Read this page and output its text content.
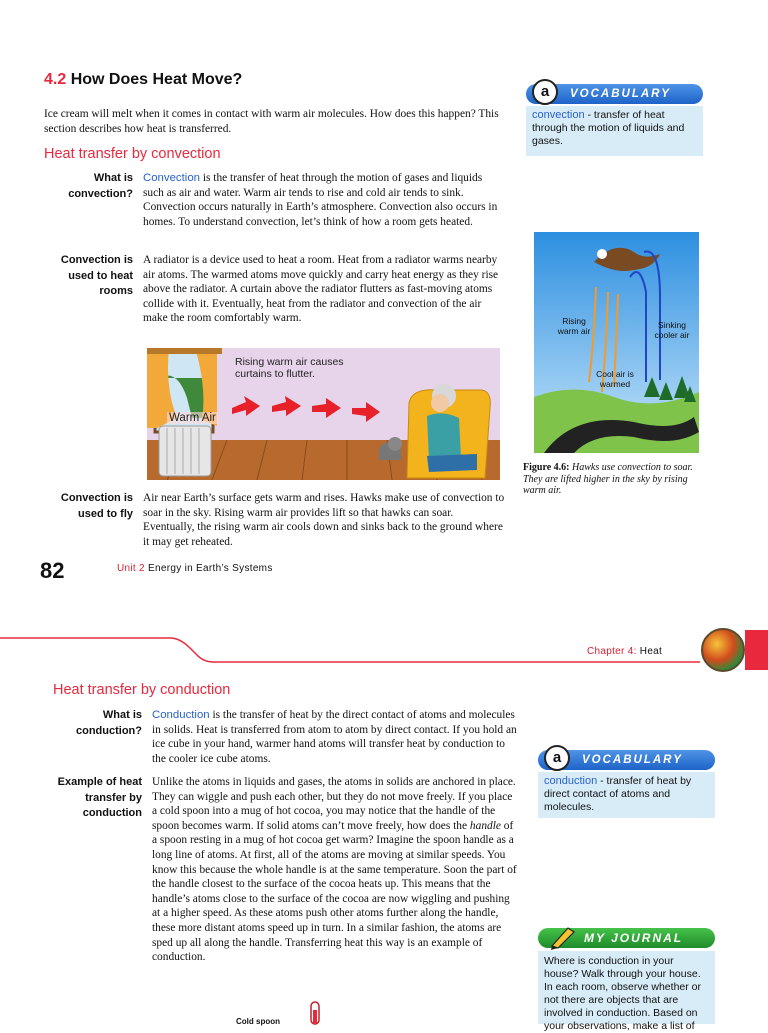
4.2 How Does Heat Move?
Ice cream will melt when it comes in contact with warm air molecules. How does this happen? This section describes how heat is transferred.
Heat transfer by convection
What is convection?
Convection is the transfer of heat through the motion of gases and liquids such as air and water. Warm air tends to rise and cold air tends to sink. Convection occurs naturally in Earth’s atmosphere. Convection also occurs in homes. To understand convection, let’s think of how a room gets heated.
Convection is used to heat rooms
A radiator is a device used to heat a room. Heat from a radiator warms nearby air atoms. The warmed atoms move quickly and carry heat energy as they rise above the radiator. A curtain above the radiator flutters as fast-moving atoms collide with it. Eventually, heat from the radiator and convection of the air make the room comfortably warm.
Rising warm air causes curtains to flutter.
Warm Air
Convection is used to fly
Air near Earth’s surface gets warm and rises. Hawks make use of convection to soar in the sky. Rising warm air provides lift so that hawks can soar. Eventually, the rising warm air cools down and sinks back to the ground where it may get reheated.
a	VOCABULARY
convection - transfer of heat through the motion of liquids and gases.
Rising warm air
Sinking cooler air
Cool air is warmed
Figure 4.6: Hawks use convection to soar. They are lifted higher in the sky by rising warm air.
82	Unit 2 Energy in Earth’s Systems
Chapter 4: Heat
Heat transfer by conduction
What is conduction?
Conduction is the transfer of heat by the direct contact of atoms and molecules in solids. Heat is transferred from atom to atom by direct contact. If you hold an ice cube in your hand, warmer hand atoms will transfer heat by conduction to the cooler ice cube atoms.
Example of heat transfer by conduction
Unlike the atoms in liquids and gases, the atoms in solids are anchored in place. They can wiggle and push each other, but they do not move freely. If you place a cold spoon into a mug of hot cocoa, you may notice that the handle of the spoon becomes warm. If solid atoms can’t move freely, how does the handle of a spoon resting in a mug of hot cocoa get warm? Imagine the spoon handle as a long line of atoms. At first, all of the atoms are moving at similar speeds. You know this because the whole handle is at the same temperature. Soon the part of the handle closest to the surface of the cocoa heats up. This means that the handle’s atoms close to the surface of the cocoa are now wiggling and pushing at a higher speed. As these atoms push other atoms further along the handle, these more distant atoms speed up in turn. In a similar fashion, the atoms are sped up all along the handle. Transferring heat this way is an example of conduction.
Cold spoon
a	VOCABULARY
conduction - transfer of heat by direct contact of atoms and molecules.
MY JOURNAL
Where is conduction in your house? Walk through your house. In each room, observe whether or not there are objects that are involved in conduction. Based on your observations, make a list of
